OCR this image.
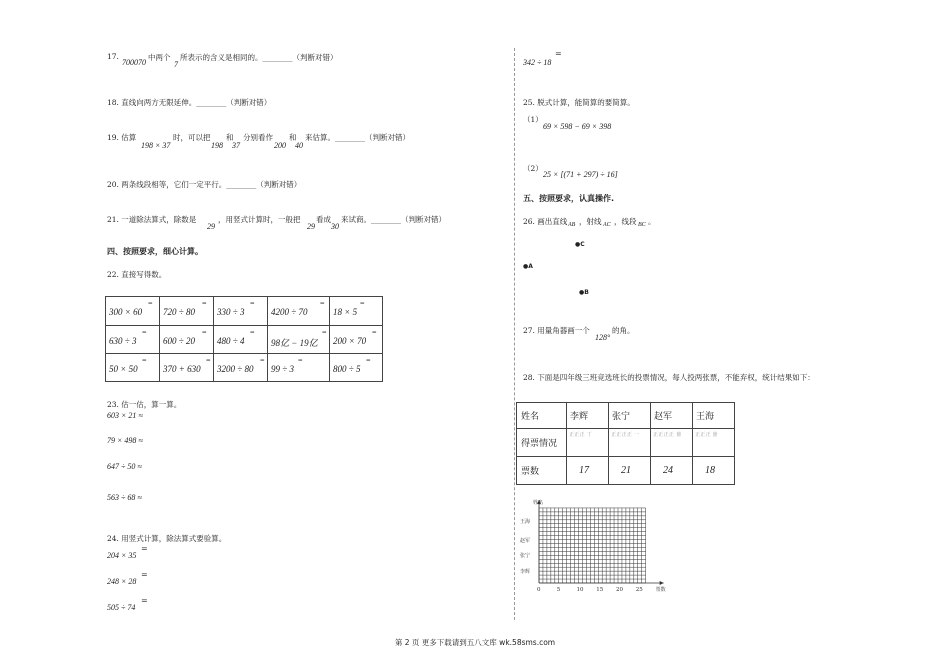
17.
700070
中两个
7
所表示的含义是相同的。________（判断对错）
18. 直线向两方无限延伸。________（判断对错）
19. 估算
198 × 37
时，可以把
198
和
37
分别看作
200
和
40
来估算。________（判断对错）
20. 两条线段相等，它们一定平行。________（判断对错）
21. 一道除法算式，除数是
29
，用竖式计算时，一般把
29
看成
30
来试商。________（判断对错）
四、按照要求，细心计算。
22. 直接写得数。
300 × 60
=	720 ÷ 80
=	330 ÷ 3
=	4200 ÷ 70
=	18 × 5
=

630 ÷ 3
=	600 ÷ 20
=	480 ÷ 4
=	98亿 − 19亿
=	200 × 70
=

50 × 50
=	370 + 630
=	3200 ÷ 80
=	99 ÷ 3
=	800 ÷ 5
=
23. 估一估，算一算。
603 × 21 ≈
79 × 498 ≈
647 ÷ 50 ≈
563 ÷ 68 ≈
24. 用竖式计算，除法算式要验算。
204 × 35
=
248 × 28
=
505 ÷ 74
=
342 ÷ 18
=
25. 脱式计算，能简算的要简算。
（1）
69 × 598 − 69 × 398
（2）
25 × [(71 + 297) ÷ 16]
五、按照要求，认真操作.
26. 画出直线 AB ，射线 AC ，线段 BC 。
●C
●A
●B
27. 用量角器画一个
128°
的角。
28. 下面是四年级三班竞选班长的投票情况，每人投两张票，不能弃权，统计结果如下：
姓名	李辉	张宁	赵军	王海
得票情况	正正正 丅	正正正正 一	正正正正 卌	正正正 卌
票数	17	21	24	18
姓名
票数
0	5	10 15 20 25
王海
赵军
张宁
李辉
第 2 页 更多下载请到五八文库 wk.58sms.com
